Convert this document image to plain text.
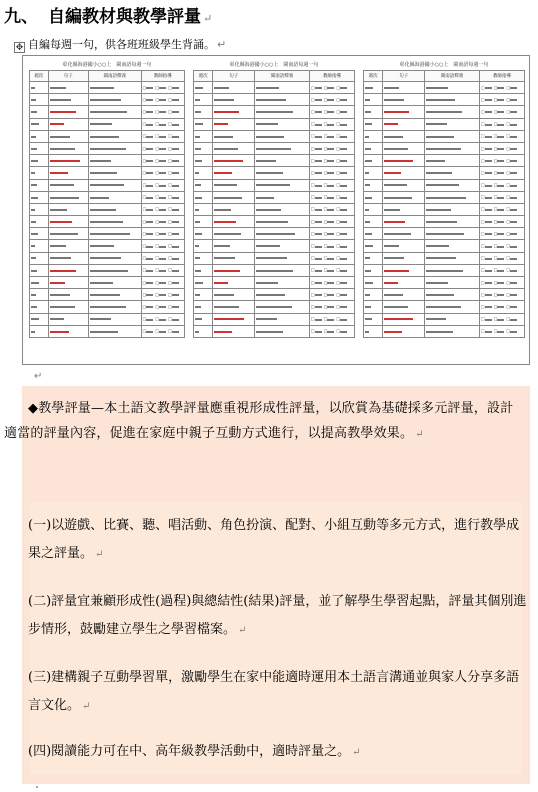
九、 自編教材與教學評量 ↵
✥ 自編每週一句，供各班班級學生背誦。 ↵
彰化縣海港國小○○上　閩南語每週一句
週次	句子	閩南語釋義	教師指導
			□ □ □
			□ □ □
			□ □ □
			□ □ □
			□ □ □
			□ □ □
			□ □ □
			□ □ □
			□ □ □
			□ □ □
			□ □ □
			□ □ □
			□ □ □
			□ □ □
			□ □ □
			□ □ □
			□ □ □
			□ □ □
			□ □ □
			□ □ □
			□ □ □
彰化縣海港國小○○上　閩南語每週一句
週次	句子	閩南語釋義	教師指導
			□ □ □
			□ □ □
			□ □ □
			□ □ □
			□ □ □
			□ □ □
			□ □ □
			□ □ □
			□ □ □
			□ □ □
			□ □ □
			□ □ □
			□ □ □
			□ □ □
			□ □ □
			□ □ □
			□ □ □
			□ □ □
			□ □ □
			□ □ □
			□ □ □
彰化縣海港國小○○上　閩南語每週一句
週次	句子	閩南語釋義	教師指導
			□ □ □
			□ □ □
			□ □ □
			□ □ □
			□ □ □
			□ □ □
			□ □ □
			□ □ □
			□ □ □
			□ □ □
			□ □ □
			□ □ □
			□ □ □
			□ □ □
			□ □ □
			□ □ □
			□ □ □
			□ □ □
			□ □ □
			□ □ □
			□ □ □
↵
◆教學評量—本土語文教學評量應重視形成性評量，以欣賞為基礎採多元評量，設計適當的評量內容，促進在家庭中親子互動方式進行，以提高教學效果。 ↵
(一)以遊戲、比賽、聽、唱活動、角色扮演、配對、小組互動等多元方式，進行教學成果之評量。 ↵
(二)評量宜兼顧形成性(過程)與總結性(結果)評量，並了解學生學習起點，評量其個別進步情形，鼓勵建立學生之學習檔案。 ↵
(三)建構親子互動學習單，激勵學生在家中能適時運用本土語言溝通並與家人分享多語言文化。 ↵
(四)閱讀能力可在中、高年級教學活動中，適時評量之。 ↵
